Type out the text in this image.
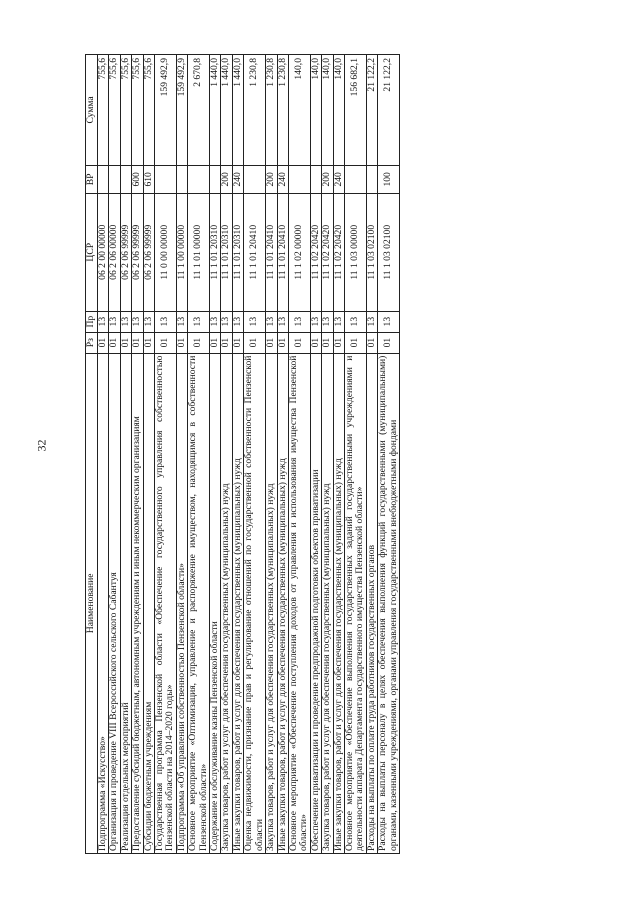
32
Наименование	Рз	Пр	ЦСР	ВР	Сумма
Подпрограмма «Искусство»	01	13	06 2 00 00000		755,6
Организация и проведение VIII Всероссийского сельского Сабантуя	01	13	06 2 06 00000		755,6
Реализация отдельных мероприятий	01	13	06 2 06 99999		755,6
Предоставление субсидий бюджетным, автономным учреждениям и иным некоммерческим организациям	01	13	06 2 06 99999	600	755,6
Субсидии бюджетным учреждениям	01	13	06 2 06 99999	610	755,6
Государственная программа Пензенской области «Обеспечение государственного управления собственностью Пензенской области на 2014–2020 годы»	01	13	11 0 00 00000		159 492,9
Подпрограмма «Об управлении собственностью Пензенской области»	01	13	11 1 00 00000		159 492,9
Основное мероприятие «Оптимизация, управление и распоряжение имуществом, находящимся в собственности Пензенской области»	01	13	11 1 01 00000		2 670,8
Содержание и обслуживание казны Пензенской области	01	13	11 1 01 20310		1 440,0
Закупка товаров, работ и услуг для обеспечения государственных (муниципальных) нужд	01	13	11 1 01 20310	200	1 440,0
Иные закупки товаров, работ и услуг для обеспечения государственных (муниципальных) нужд	01	13	11 1 01 20310	240	1 440,0
Оценка недвижимости, признание прав и регулирование отношений по государственной собственности Пензенской области	01	13	11 1 01 20410		1 230,8
Закупка товаров, работ и услуг для обеспечения государственных (муниципальных) нужд	01	13	11 1 01 20410	200	1 230,8
Иные закупки товаров, работ и услуг для обеспечения государственных (муниципальных) нужд	01	13	11 1 01 20410	240	1 230,8
Основное мероприятие «Обеспечение поступления доходов от управления и использования имущества Пензенской области»	01	13	11 1 02 00000		140,0
Обеспечение приватизации и проведение предпродажной подготовки объектов приватизации	01	13	11 1 02 20420		140,0
Закупка товаров, работ и услуг для обеспечения государственных (муниципальных) нужд	01	13	11 1 02 20420	200	140,0
Иные закупки товаров, работ и услуг для обеспечения государственных (муниципальных) нужд	01	13	11 1 02 20420	240	140,0
Основное мероприятие «Обеспечение выполнения государственных заданий государственными учреждениями и деятельности аппарата Департамента государственного имущества Пензенской области»	01	13	11 1 03 00000		156 682,1
Расходы на выплаты по оплате труда работников государственных органов	01	13	11 1 03 02100		21 122,2
Расходы на выплаты персоналу в целях обеспечения выполнения функций государственными (муниципальными) органами, казенными учреждениями, органами управления государственными внебюджетными фондами	01	13	11 1 03 02100	100	21 122,2
